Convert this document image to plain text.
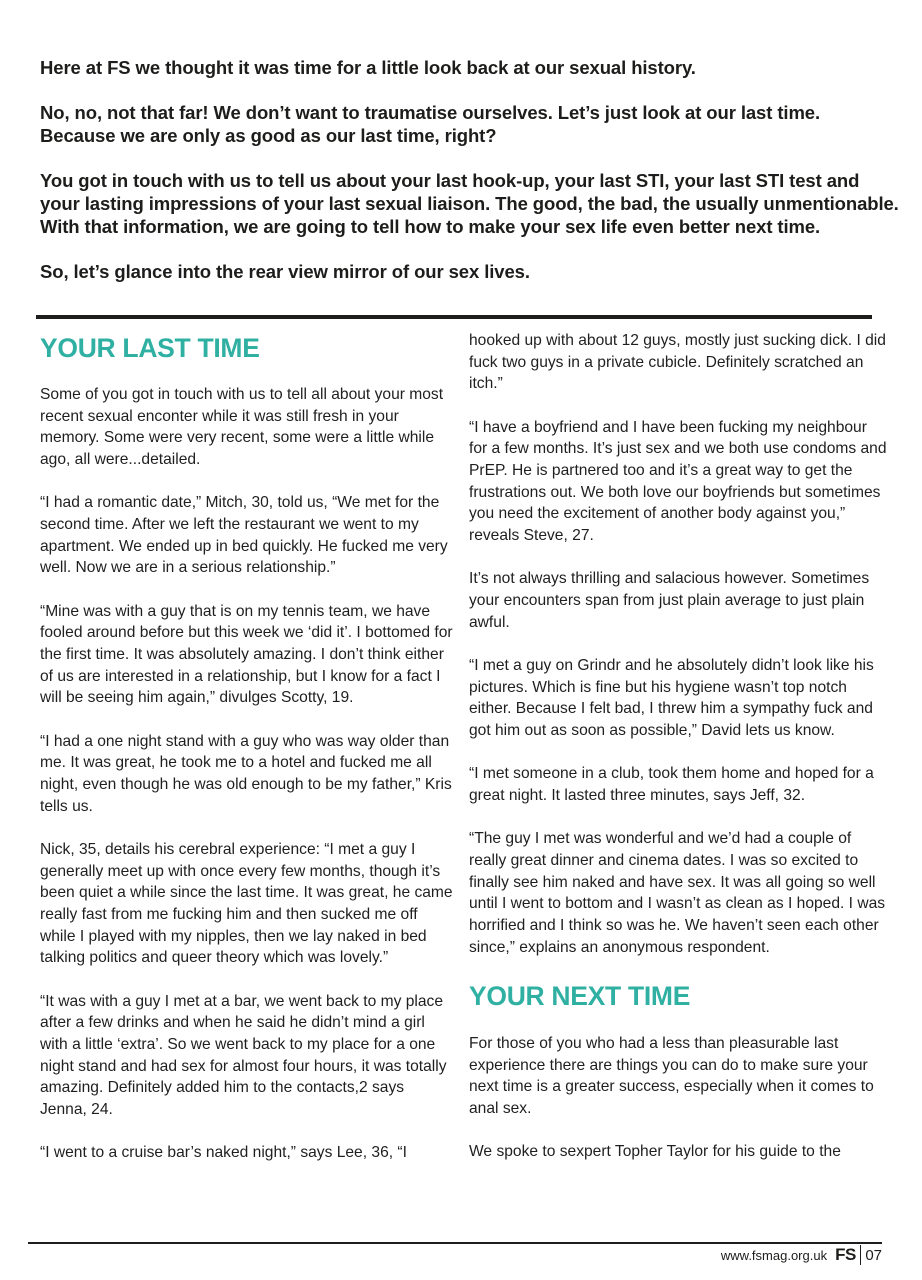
Here at FS we thought it was time for a little look back at our sexual history.

No, no, not that far! We don’t want to traumatise ourselves. Let’s just look at our last time. Because we are only as good as our last time, right?

You got in touch with us to tell us about your last hook-up, your last STI, your last STI test and your lasting impressions of your last sexual liaison. The good, the bad, the usually unmentionable. With that information, we are going to tell how to make your sex life even better next time.

So, let’s glance into the rear view mirror of our sex lives.

YOUR LAST TIME

Some of you got in touch with us to tell all about your most recent sexual enconter while it was still fresh in your memory. Some were very recent, some were a little while ago, all were...detailed.

“I had a romantic date,” Mitch, 30, told us, “We met for the second time. After we left the restaurant we went to my apartment. We ended up in bed quickly. He fucked me very well. Now we are in a serious relationship.”

“Mine was with a guy that is on my tennis team, we have fooled around before but this week we ‘did it’. I bottomed for the first time. It was absolutely amazing. I don’t think either of us are interested in a relationship, but I know for a fact I will be seeing him again,” divulges Scotty, 19.

“I had a one night stand with a guy who was way older than me. It was great, he took me to a hotel and fucked me all night, even though he was old enough to be my father,” Kris tells us.

Nick, 35, details his cerebral experience: “I met a guy I generally meet up with once every few months, though it’s been quiet a while since the last time. It was great, he came really fast from me fucking him and then sucked me off while I played with my nipples, then we lay naked in bed talking politics and queer theory which was lovely.”

“It was with a guy I met at a bar, we went back to my place after a few drinks and when he said he didn’t mind a girl with a little ‘extra’. So we went back to my place for a one night stand and had sex for almost four hours, it was totally amazing. Definitely added him to the contacts,2 says Jenna, 24.

“I went to a cruise bar’s naked night,” says Lee, 36, “I

hooked up with about 12 guys, mostly just sucking dick. I did fuck two guys in a private cubicle. Definitely scratched an itch.”

“I have a boyfriend and I have been fucking my neighbour for a few months. It’s just sex and we both use condoms and PrEP. He is partnered too and it’s a great way to get the frustrations out. We both love our boyfriends but sometimes you need the excitement of another body against you,” reveals Steve, 27.

It’s not always thrilling and salacious however. Sometimes your encounters span from just plain average to just plain awful.

“I met a guy on Grindr and he absolutely didn’t look like his pictures. Which is fine but his hygiene wasn’t top notch either. Because I felt bad, I threw him a sympathy fuck and got him out as soon as possible,” David lets us know.

“I met someone in a club, took them home and hoped for a great night. It lasted three minutes, says Jeff, 32.

“The guy I met was wonderful and we’d had a couple of really great dinner and cinema dates. I was so excited to finally see him naked and have sex. It was all going so well until I went to bottom and I wasn’t as clean as I hoped. I was horrified and I think so was he. We haven’t seen each other since,” explains an anonymous respondent.

YOUR NEXT TIME

For those of you who had a less than pleasurable last experience there are things you can do to make sure your next time is a greater success, especially when it comes to anal sex.

We spoke to sexpert Topher Taylor for his guide to the

www.fsmag.org.uk FS 07
